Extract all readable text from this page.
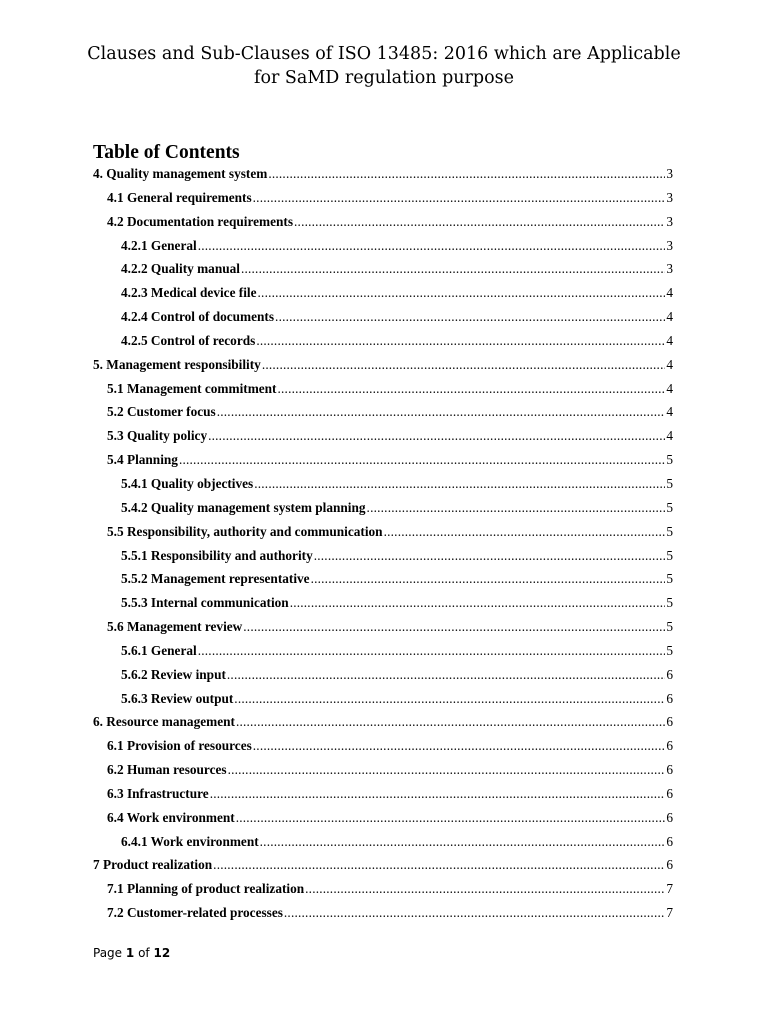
Clauses and Sub-Clauses of ISO 13485: 2016 which are Applicable
for SaMD regulation purpose
Table of Contents
4. Quality management system .....	3
4.1 General requirements .....	3
4.2 Documentation requirements .....	3
4.2.1 General .....	3
4.2.2 Quality manual .....	3
4.2.3 Medical device file .....	4
4.2.4 Control of documents .....	4
4.2.5 Control of records .....	4
5. Management responsibility .....	4
5.1 Management commitment .....	4
5.2 Customer focus .....	4
5.3 Quality policy .....	4
5.4 Planning .....	5
5.4.1 Quality objectives .....	5
5.4.2 Quality management system planning .....	5
5.5 Responsibility, authority and communication .....	5
5.5.1 Responsibility and authority .....	5
5.5.2 Management representative .....	5
5.5.3 Internal communication .....	5
5.6 Management review .....	5
5.6.1 General .....	5
5.6.2 Review input .....	6
5.6.3 Review output .....	6
6. Resource management .....	6
6.1 Provision of resources .....	6
6.2 Human resources .....	6
6.3 Infrastructure .....	6
6.4 Work environment .....	6
6.4.1 Work environment .....	6
7 Product realization .....	6
7.1 Planning of product realization .....	7
7.2 Customer-related processes .....	7
Page 1 of 12
